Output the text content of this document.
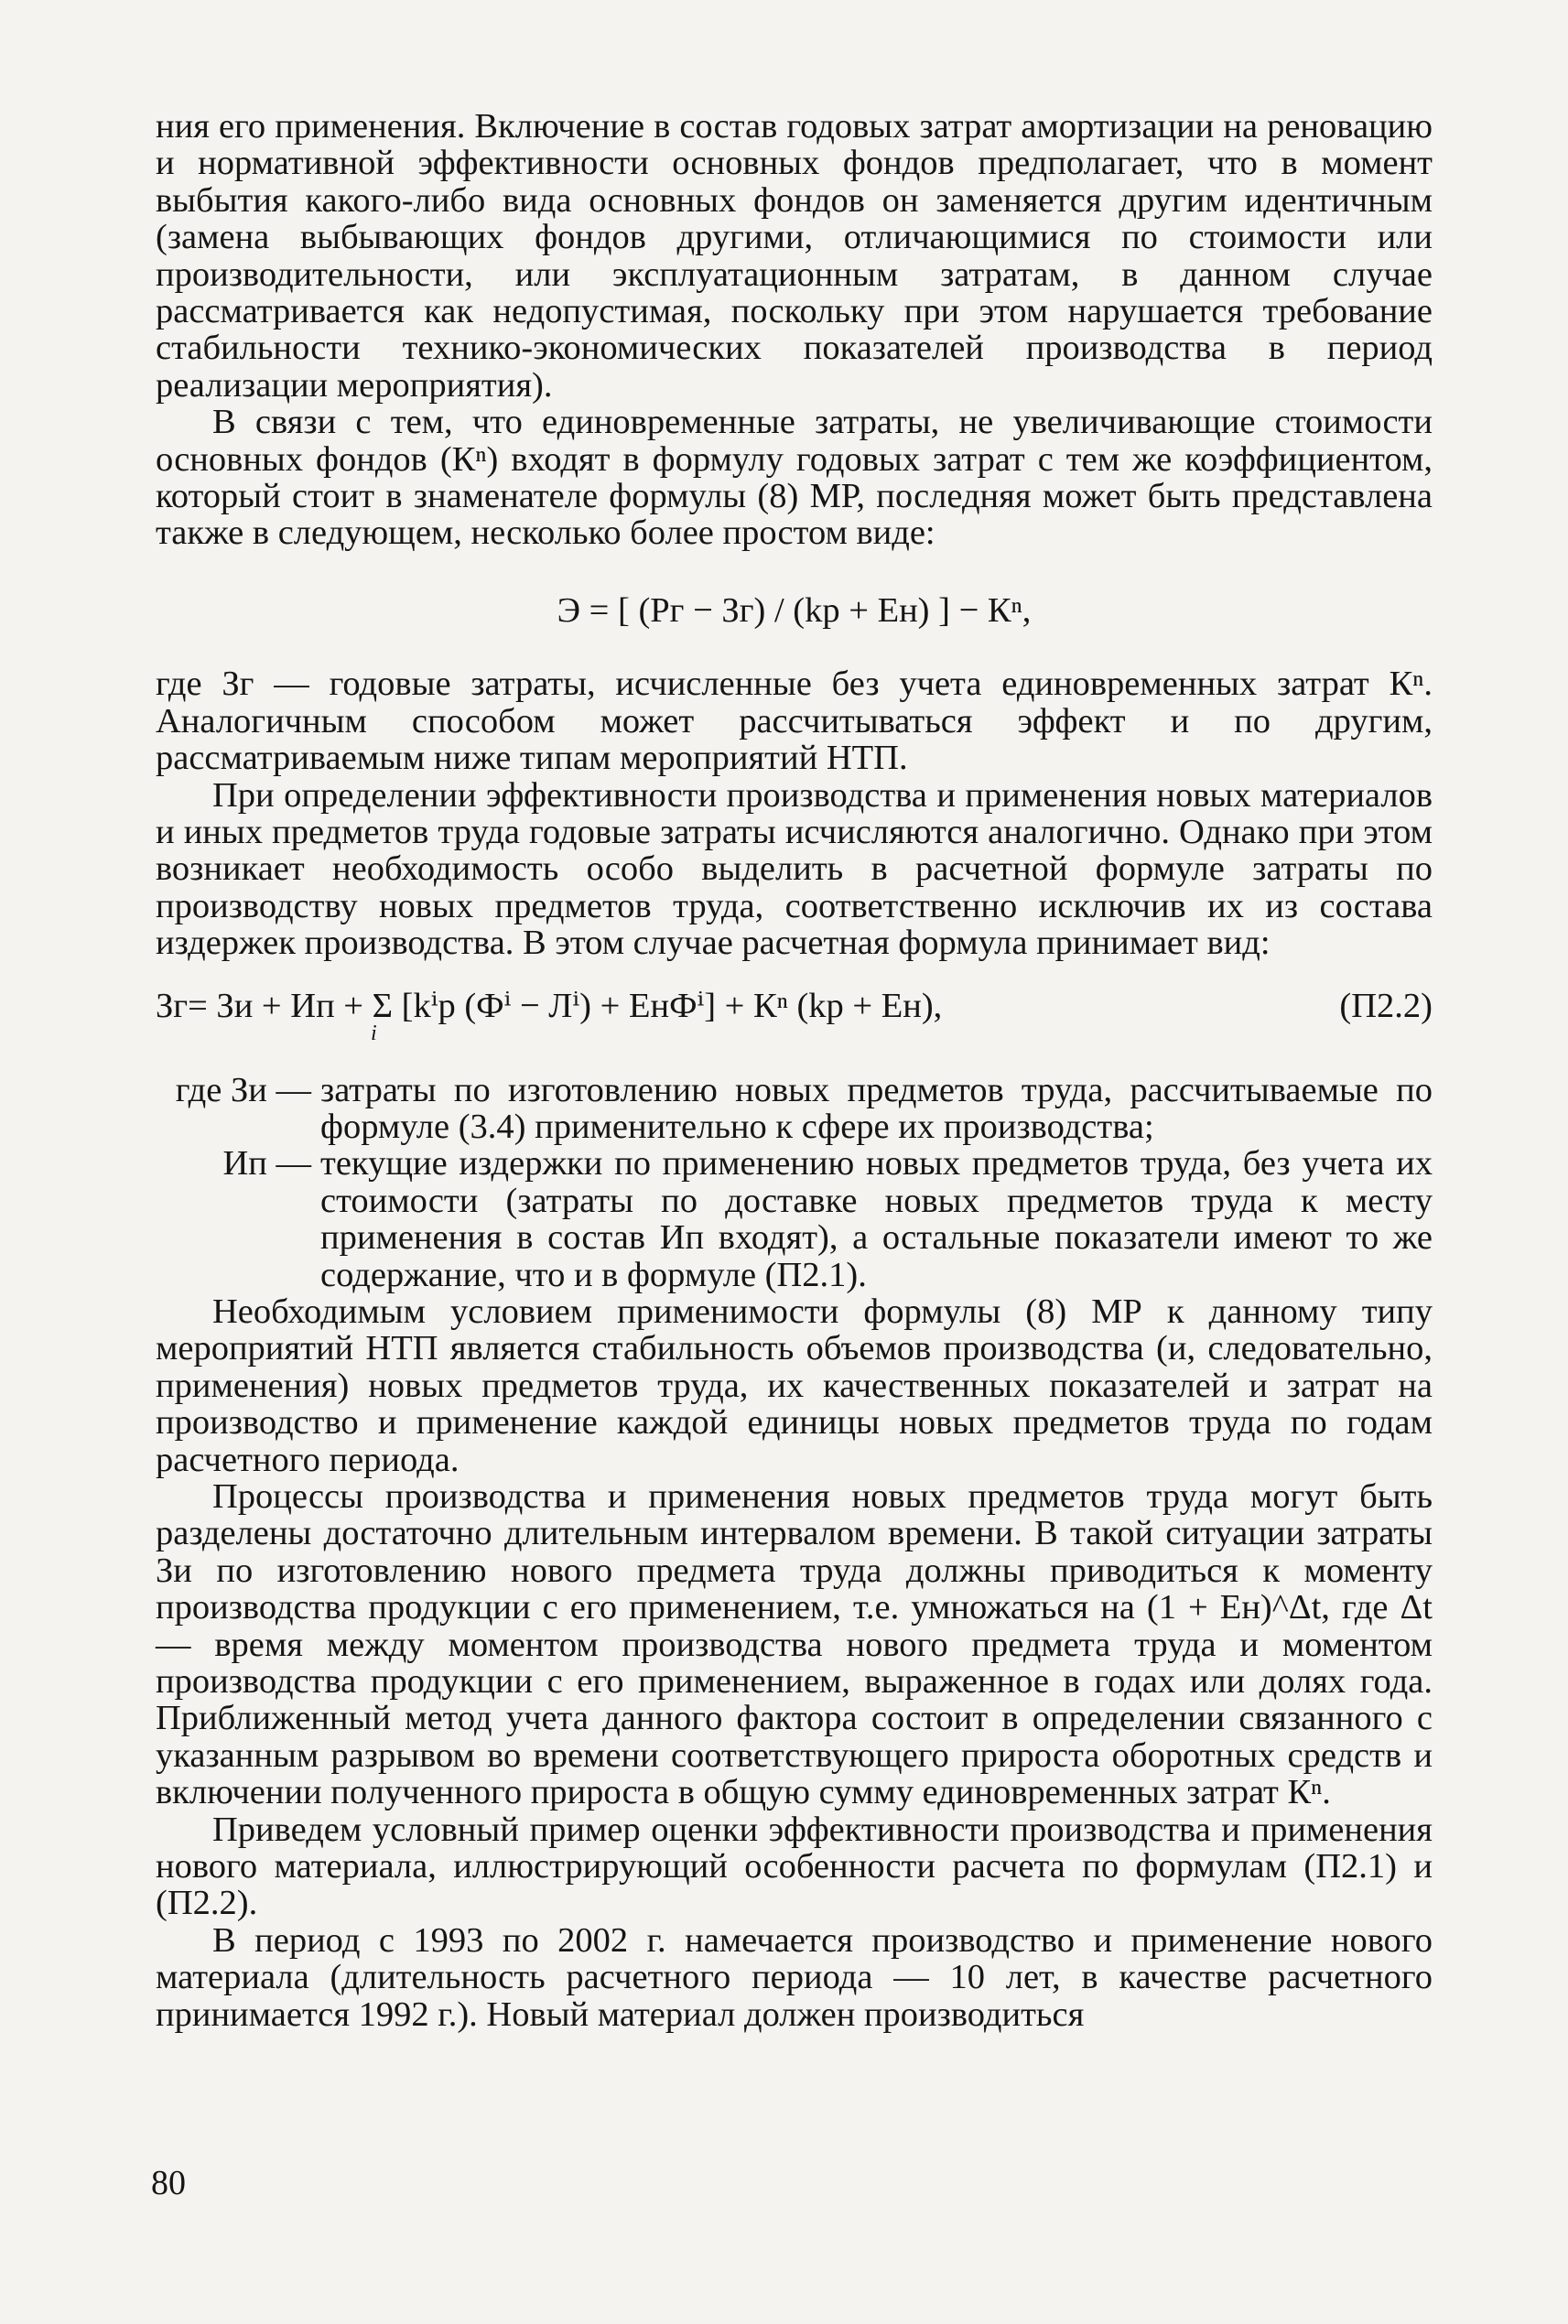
ния его применения. Включение в состав годовых затрат амортизации на реновацию и нормативной эффективности основных фондов предполагает, что в момент выбытия какого-либо вида основных фондов он заменяется другим идентичным (замена выбывающих фондов другими, отличающимися по стоимости или производительности, или эксплуатационным затратам, в данном случае рассматривается как недопустимая, поскольку при этом нарушается требование стабильности технико-экономических показателей производства в период реализации мероприятия).

В связи с тем, что единовременные затраты, не увеличивающие стоимости основных фондов (Кⁿ) входят в формулу годовых затрат с тем же коэффициентом, который стоит в знаменателе формулы (8) МР, последняя может быть представлена также в следующем, несколько более простом виде:

Э = [ (Рг − Зг) / (kр + Ен) ] − Кⁿ,

где Зг — годовые затраты, исчисленные без учета единовременных затрат Кⁿ. Аналогичным способом может рассчитываться эффект и по другим, рассматриваемым ниже типам мероприятий НТП.

При определении эффективности производства и применения новых материалов и иных предметов труда годовые затраты исчисляются аналогично. Однако при этом возникает необходимость особо выделить в расчетной формуле затраты по производству новых предметов труда, соответственно исключив их из состава издержек производства. В этом случае расчетная формула принимает вид:

Зг= Зи + Ип + Σ [kⁱр (Фⁱ − Лⁱ) + ЕнФⁱ] + Кⁿ (kр + Ен),
i
(П2.2)
где Зи — затраты по изготовлению новых предметов труда, рассчитываемые по формуле (3.4) применительно к сфере их производства;
Ип — текущие издержки по применению новых предметов труда, без учета их стоимости (затраты по доставке новых предметов труда к месту применения в состав Ип входят), а остальные показатели имеют то же содержание, что и в формуле (П2.1).

Необходимым условием применимости формулы (8) МР к данному типу мероприятий НТП является стабильность объемов производства (и, следовательно, применения) новых предметов труда, их качественных показателей и затрат на производство и применение каждой единицы новых предметов труда по годам расчетного периода.

Процессы производства и применения новых предметов труда могут быть разделены достаточно длительным интервалом времени. В такой ситуации затраты Зи по изготовлению нового предмета труда должны приводиться к моменту производства продукции с его применением, т.е. умножаться на (1 + Ен)^Δt, где Δt — время между моментом производства нового предмета труда и моментом производства продукции с его применением, выраженное в годах или долях года. Приближенный метод учета данного фактора состоит в определении связанного с указанным разрывом во времени соответствующего прироста оборотных средств и включении полученного прироста в общую сумму единовременных затрат Кⁿ.

Приведем условный пример оценки эффективности производства и применения нового материала, иллюстрирующий особенности расчета по формулам (П2.1) и (П2.2).

В период с 1993 по 2002 г. намечается производство и применение нового материала (длительность расчетного периода — 10 лет, в качестве расчетного принимается 1992 г.). Новый материал должен производиться

80
